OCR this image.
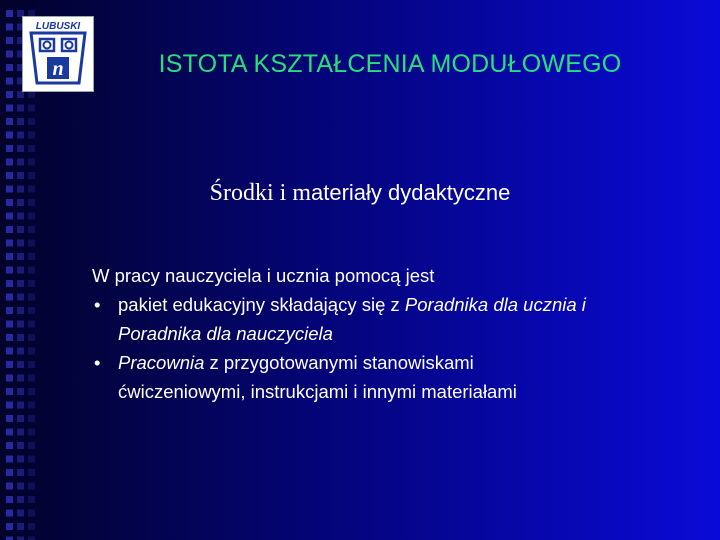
LUBUSKI
n	ISTOTA KSZTAŁCENIA MODUŁOWEGO
Środki i materiały dydaktyczne
W pracy nauczyciela i ucznia pomocą jest
• pakiet edukacyjny składający się z Poradnika dla ucznia i
Poradnika dla nauczyciela
• Pracownia z przygotowanymi stanowiskami
ćwiczeniowymi, instrukcjami i innymi materiałami
